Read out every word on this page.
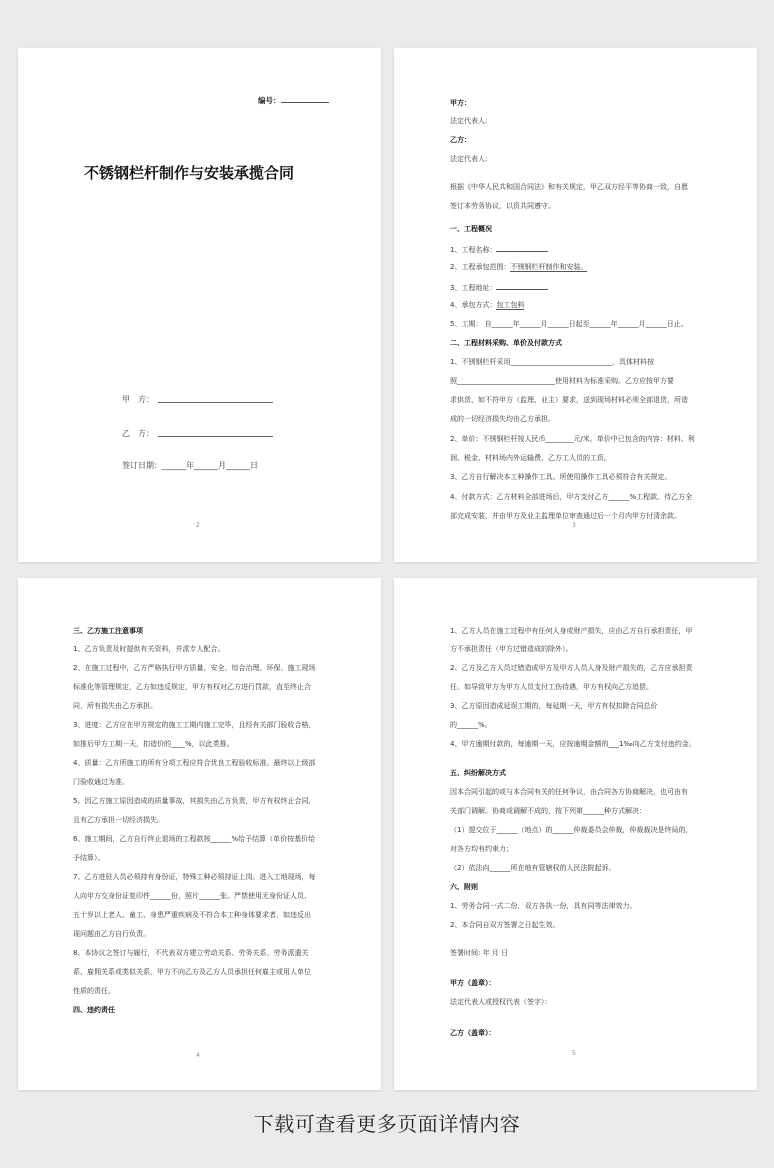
编号：
不锈钢栏杆制作与安装承揽合同
甲　方：
乙　方：
签订日期：______年______月______日

2
甲方：
法定代表人:
乙方：
法定代表人:
根据《中华人民共和国合同法》和有关规定，甲乙双方经平等协商一致，自愿
签订本劳务协议，以资共同遵守。
一、工程概况
1、工程名称：
2、工程承包范围：不锈钢栏杆制作和安装。
3、工程地址：
4、承包方式：包工包料
5、工期： 自______年______月______日起至______年______月______日止。
二、工程材料采购、单价及付款方式
1、不锈钢栏杆采用_____________________________，具体材料按
照____________________________使用材料为标准采购。乙方应按甲方要
求供货，如不符甲方（监理、业主）要求，送到现场材料必须全部退货，所造
成的一切经济损失均由乙方承担。
2、单价：不锈钢栏杆按人民币________元/米，单价中已包含的内容：材料、利
润、税金、材料场内外运输费、乙方工人员的工资。
3、乙方自行解决本工种操作工具。所使用操作工具必须符合有关规定。
4、付款方式：乙方材料全部进场后，甲方支付乙方______%工程款。待乙方全
部完成安装，并由甲方及业主监理单位审查通过后一个月内甲方付清余款。
3
三、乙方施工注意事项
1、乙方负责及时提供有关资料，并派专人配合。
2、在施工过程中，乙方严格执行甲方质量、安全、综合治理、环保、施工现场
标准化等管理规定，乙方如违反规定，甲方有权对乙方进行罚款，直至终止合
同，所有损失由乙方承担。
3、进度：乙方应在甲方规定的施工工期内施工完毕，且经有关部门验收合格，
如推后甲方工期一天，扣造价的____%，以此类推。
4、质量：乙方所施工的所有分项工程应符合优良工程验收标准。最终以上级部
门验收通过为准。
5、因乙方施工原因造成的质量事故，其损失由乙方负责，甲方有权终止合同，
且有乙方承担一切经济损失。
6、施工期间，乙方自行终止退场的工程款按______%给予结算（单价按基价给
予结算）。
7、乙方进驻人员必须持有身份证，特殊工种必须持证上岗。进入工地现场，每
人向甲方交身份证复印件______份，照片______张。严禁使用无身份证人员、
五十岁以上老人、童工、身患严重疾病及不符合本工种身体要求者，如违反出
现问题由乙方自行负责。
8、本协议之签订与履行，不代表双方建立劳动关系、劳务关系、劳务派遣关
系、雇佣关系或类似关系，甲方不向乙方及乙方人员承担任何雇主或用人单位
性质的责任。
四、违约责任
4
1、乙方人员在施工过程中有任何人身或财产损失，应由乙方自行承担责任，甲
方不承担责任（甲方过错造成的除外）。
2、乙方及乙方人员过错造成甲方及甲方人员人身及财产损失的，乙方应承担责
任。如导致甲方为甲方人员支付工伤待遇，甲方有权向乙方追偿。
3、乙方原因造成延误工期的，每延期一天，甲方有权扣除合同总价
的______%。
4、甲方逾期付款的，每逾期一天，应按逾期金额的___1‰向乙方支付违约金。
五、纠纷解决方式
因本合同引起的或与本合同有关的任何争议，由合同各方协商解决，也可由有
关部门调解。协商或调解不成的，按下列第______种方式解决：
（1）提交位于______（地点）的______仲裁委员会仲裁，仲裁裁决是终局的，
对各方均有约束力；
（2）依法向______所在地有管辖权的人民法院起诉。
六、附则
1、劳务合同一式二份，双方各执一份，具有同等法律效力。
2、本合同自双方签署之日起生效。
签署时间: 年 月 日
甲方（盖章）：
法定代表人或授权代表（签字）：
乙方（盖章）：
5
下载可查看更多页面详情内容
